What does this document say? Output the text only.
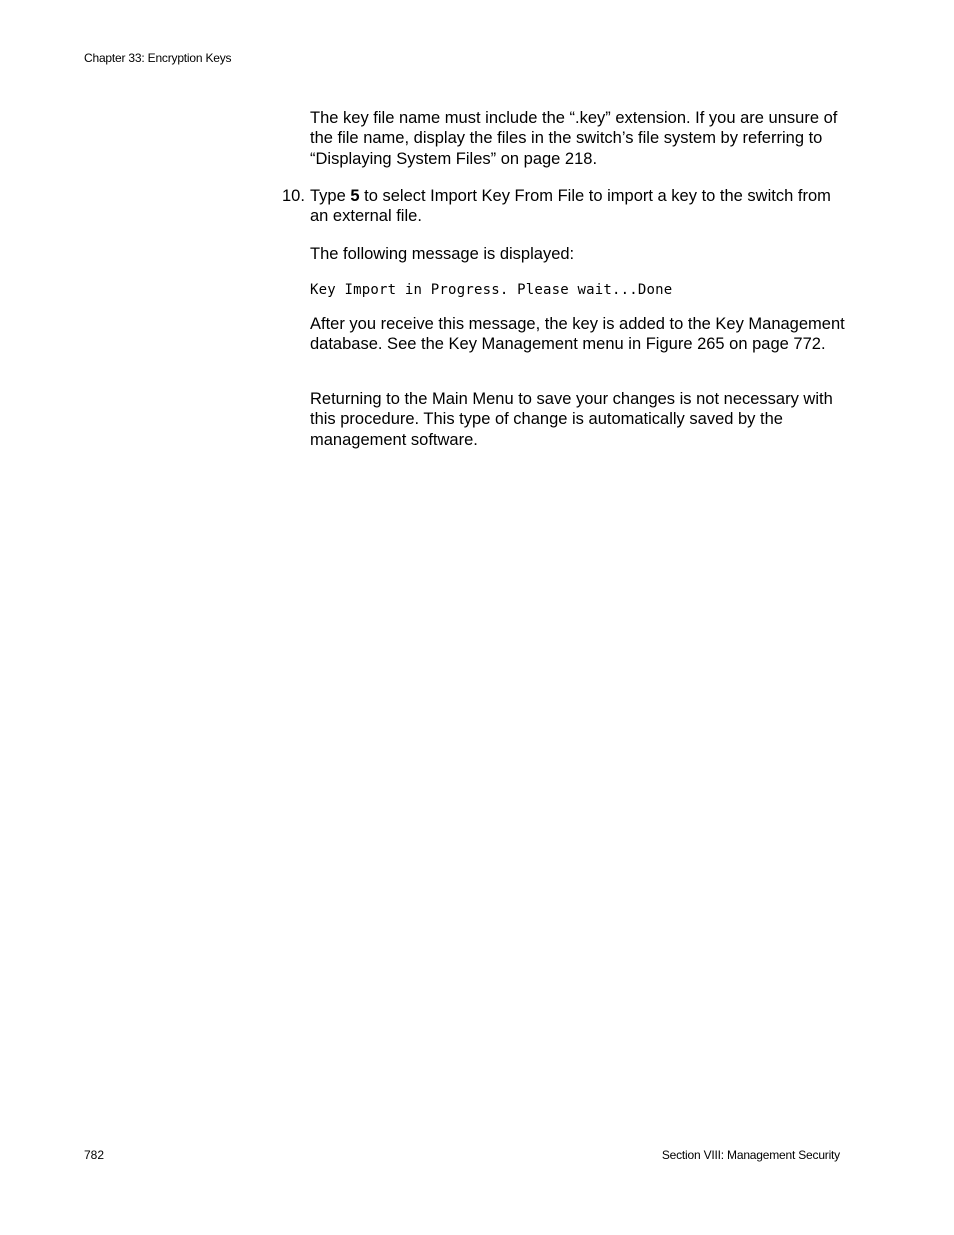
Chapter 33: Encryption Keys

The key file name must include the “.key” extension. If you are unsure of the file name, display the files in the switch’s file system by referring to “Displaying System Files” on page 218.

10. Type 5 to select Import Key From File to import a key to the switch from an external file.

The following message is displayed:

Key Import in Progress. Please wait...Done

After you receive this message, the key is added to the Key Management database. See the Key Management menu in Figure 265 on page 772.

Returning to the Main Menu to save your changes is not necessary with this procedure. This type of change is automatically saved by the management software.

782	Section VIII: Management Security
